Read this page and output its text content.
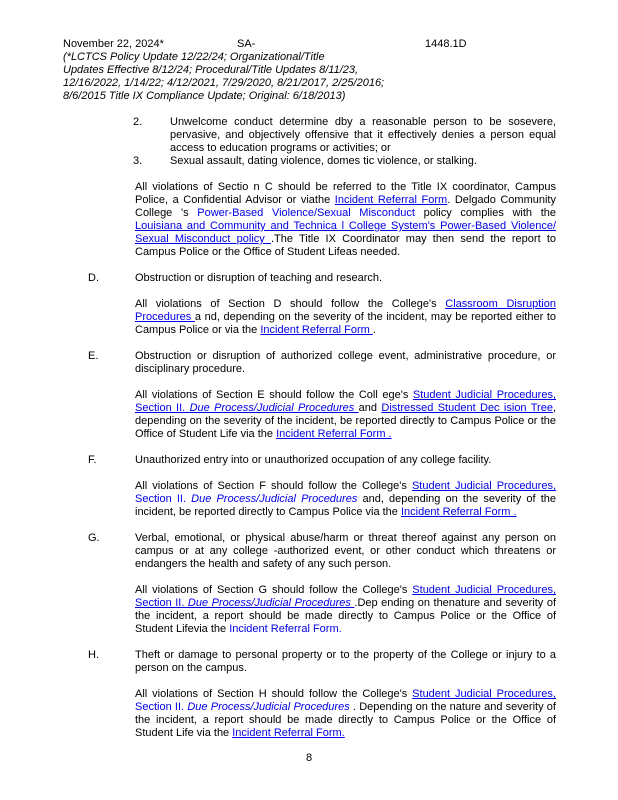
November 22, 2024*	SA-	1448.1D
(*LCTCS Policy Update 12/22/24; Organizational/Title
Updates Effective 8/12/24; Procedural/Title Updates 8/11/23,
12/16/2022, 1/14/22; 4/12/2021, 7/29/2020, 8/21/2017, 2/25/2016;
8/6/2015 Title IX Compliance Update; Original: 6/18/2013)
2.	Unwelcome conduct determine dby a reasonable person to be sosevere, pervasive, and objectively offensive that it effectively denies a person equal access to education programs or activities; or
3.	Sexual assault, dating violence, domes tic violence, or stalking.
All violations of Sectio n C should be referred to the Title IX coordinator, Campus Police, a Confidential Advisor or viathe Incident Referral Form. Delgado Community College 's Power-Based Violence/Sexual Misconduct policy complies with the Louisiana and Community and Technica l College System's Power-Based Violence/ Sexual Misconduct policy .The Title IX Coordinator may then send the report to Campus Police or the Office of Student Lifeas needed.
D.	Obstruction or disruption of teaching and research.
All violations of Section D should follow the College's Classroom Disruption Procedures a nd, depending on the severity of the incident, may be reported either to Campus Police or via the Incident Referral Form .
E.	Obstruction or disruption of authorized college event, administrative procedure, or disciplinary procedure.
All violations of Section E should follow the Coll ege's Student Judicial Procedures, Section II. Due Process/Judicial Procedures and Distressed Student Dec ision Tree, depending on the severity of the incident, be reported directly to Campus Police or the Office of Student Life via the Incident Referral Form .
F.	Unauthorized entry into or unauthorized occupation of any college facility.
All violations of Section F should follow the College's Student Judicial Procedures, Section II. Due Process/Judicial Procedures and, depending on the severity of the incident, be reported directly to Campus Police via the Incident Referral Form .
G.	Verbal, emotional, or physical abuse/harm or threat thereof against any person on campus or at any college -authorized event, or other conduct which threatens or endangers the health and safety of any such person.
All violations of Section G should follow the College's Student Judicial Procedures, Section II. Due Process/Judicial Procedures .Dep ending on thenature and severity of the incident, a report should be made directly to Campus Police or the Office of Student Lifevia the Incident Referral Form.
H.	Theft or damage to personal property or to the property of the College or injury to a person on the campus.
All violations of Section H should follow the College's Student Judicial Procedures, Section II. Due Process/Judicial Procedures . Depending on the nature and severity of the incident, a report should be made directly to Campus Police or the Office of Student Life via the Incident Referral Form.
8
